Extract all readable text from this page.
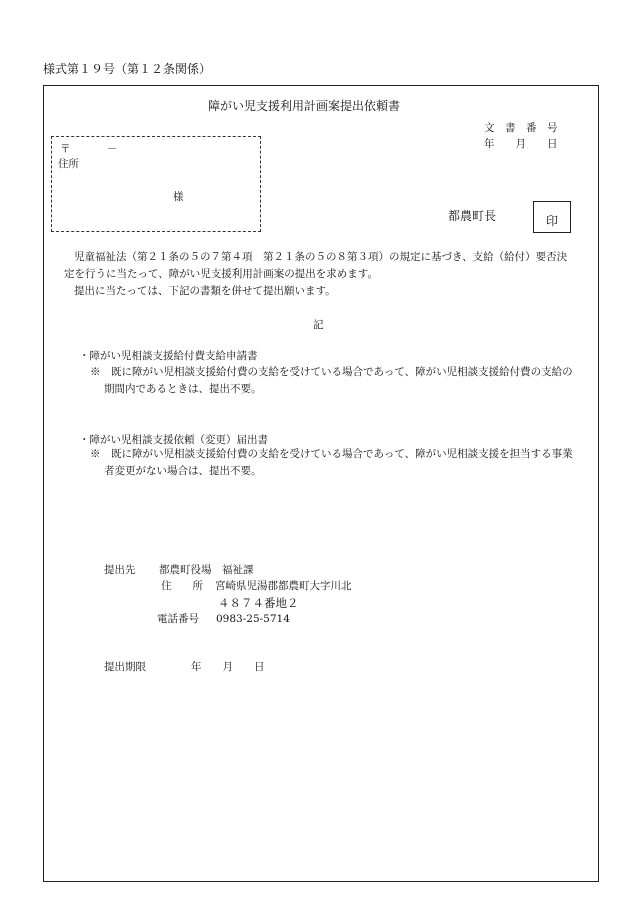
様式第１９号（第１２条関係）
障がい児支援利用計画案提出依頼書
文　書　番　号
年　　月　　日
〒	－
住所
様
都農町長	印
児童福祉法（第２１条の５の７第４項　第２１条の５の８第３項）の規定に基づき、支給（給付）要否決
定を行うに当たって、障がい児支援利用計画案の提出を求めます。
提出に当たっては、下記の書類を併せて提出願います。
記
・障がい児相談支援給付費支給申請書
※　既に障がい児相談支援給付費の支給を受けている場合であって、障がい児相談支援給付費の支給の
期間内であるときは、提出不要。
・障がい児相談支援依頼（変更）届出書
※　既に障がい児相談支援給付費の支給を受けている場合であって、障がい児相談支援を担当する事業
者変更がない場合は、提出不要。
提出先 都農町役場　福祉課
住　　所 宮崎県児湯郡都農町大字川北
４８７４番地２
電話番号 0983-25-5714
提出期限	年　　月　　日
